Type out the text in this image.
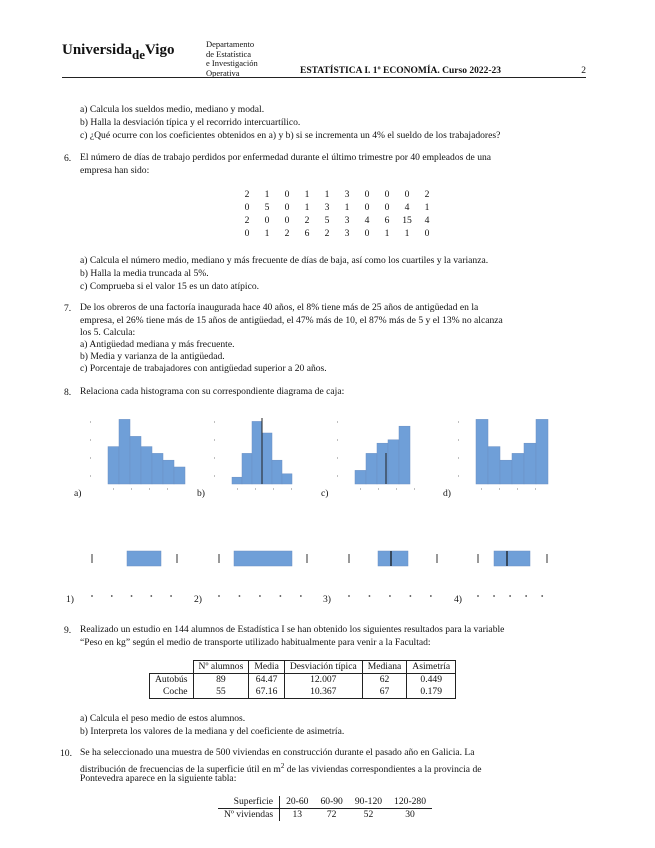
UniversidadeVigo	Departamento
de Estatística
e Investigación
Operativa	ESTATÍSTICA I. 1º ECONOMÍA. Curso 2022-23	2
a) Calcula los sueldos medio, mediano y modal.
b) Halla la desviación típica y el recorrido intercuartílico.
c) ¿Qué ocurre con los coeficientes obtenidos en a) y b) si se incrementa un 4% el sueldo de los trabajadores?
6. El número de días de trabajo perdidos por enfermedad durante el último trimestre por 40 empleados de una
empresa han sido:
2	1	0	1	1	3	0	0	0	2
0	5	0	1	3	1	0	0	4	1
2	0	0	2	5	3	4	6	15	4
0	1	2	6	2	3	0	1	1	0
a) Calcula el número medio, mediano y más frecuente de días de baja, así como los cuartiles y la varianza.
b) Halla la media truncada al 5%.
c) Comprueba si el valor 15 es un dato atípico.
7. De los obreros de una factoría inaugurada hace 40 años, el 8% tiene más de 25 años de antigüedad en la
empresa, el 26% tiene más de 15 años de antigüedad, el 47% más de 10, el 87% más de 5 y el 13% no alcanza
los 5. Calcula:
a) Antigüedad mediana y más frecuente.
b) Media y varianza de la antigüedad.
c) Porcentaje de trabajadores con antigüedad superior a 20 años.
8. Relaciona cada histograma con su correspondiente diagrama de caja:
a)	b)	c)	d)
1)	2)	3)	4)
9. Realizado un estudio en 144 alumnos de Estadística I se han obtenido los siguientes resultados para la variable
“Peso en kg” según el medio de transporte utilizado habitualmente para venir a la Facultad:
	Nº alumnos	Media	Desviación típica	Mediana	Asimetría
Autobús	89	64.47	12.007	62	0.449
Coche	55	67.16	10.367	67	0.179
a) Calcula el peso medio de estos alumnos.
b) Interpreta los valores de la mediana y del coeficiente de asimetría.
10. Se ha seleccionado una muestra de 500 viviendas en construcción durante el pasado año en Galicia. La
distribución de frecuencias de la superficie útil en $m^2$ de las viviendas correspondientes a la provincia de
Pontevedra aparece en la siguiente tabla:
Superficie	20-60	60-90	90-120	120-280
Nº viviendas	13	72	52	30
